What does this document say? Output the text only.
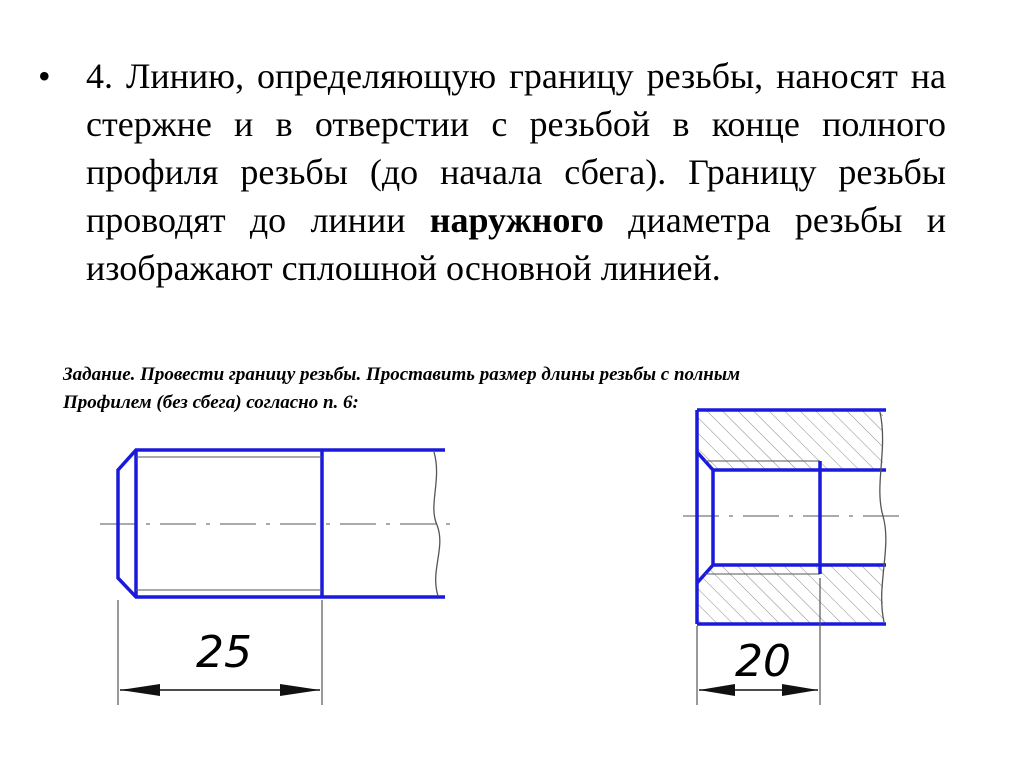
• 4. Линию, определяющую границу резьбы, наносят на стержне и в отверстии с резьбой в конце полного профиля резьбы (до начала сбега). Границу резьбы проводят до линии наружного диаметра резьбы и изображают сплошной основной линией.
Задание. Провести границу резьбы. Проставить размер длины резьбы с полным
Профилем (без сбега) согласно п. 6:
25	20
